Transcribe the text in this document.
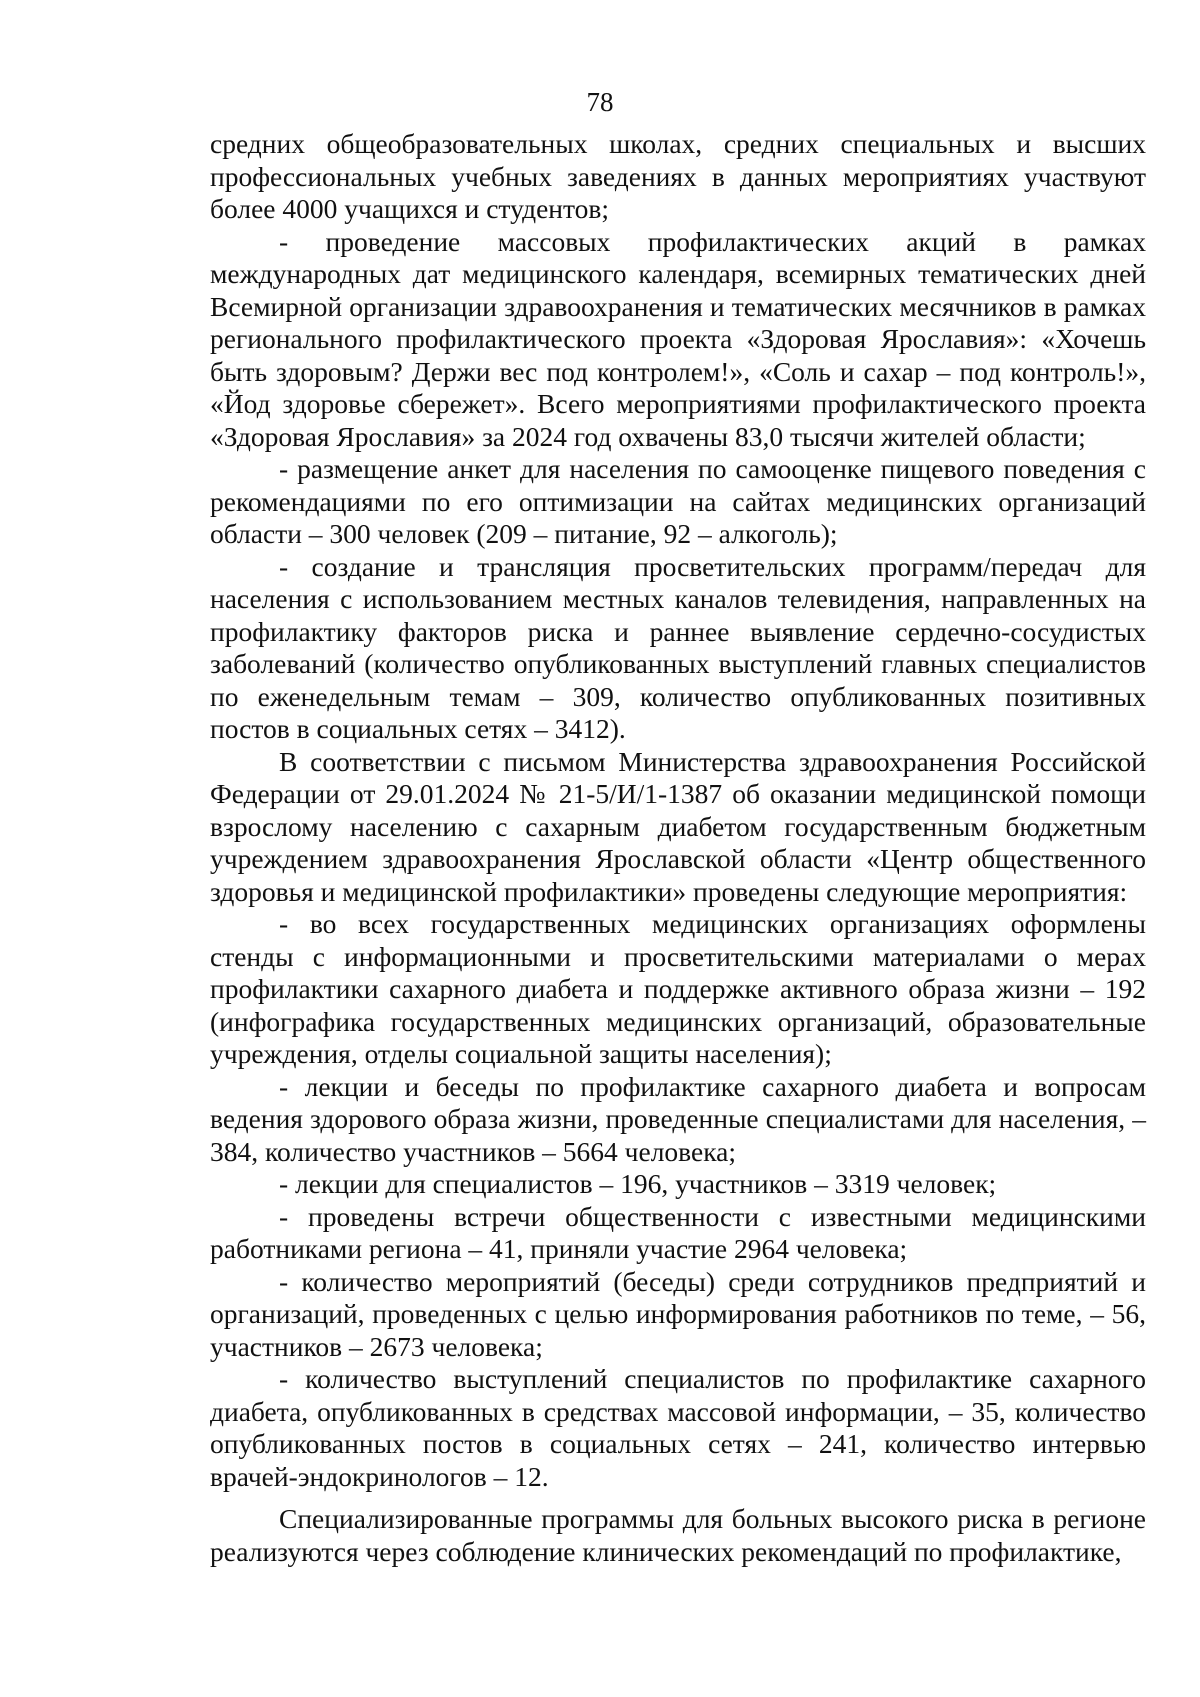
78

средних общеобразовательных школах, средних специальных и высших профессиональных учебных заведениях в данных мероприятиях участвуют более 4000 учащихся и студентов;

- проведение массовых профилактических акций в рамках международных дат медицинского календаря, всемирных тематических дней Всемирной организации здравоохранения и тематических месячников в рамках регионального профилактического проекта «Здоровая Ярославия»: «Хочешь быть здоровым? Держи вес под контролем!», «Соль и сахар – под контроль!», «Йод здоровье сбережет». Всего мероприятиями профилактического проекта «Здоровая Ярославия» за 2024 год охвачены 83,0 тысячи жителей области;

- размещение анкет для населения по самооценке пищевого поведения с рекомендациями по его оптимизации на сайтах медицинских организаций области – 300 человек (209 – питание, 92 – алкоголь);

- создание и трансляция просветительских программ/передач для населения с использованием местных каналов телевидения, направленных на профилактику факторов риска и раннее выявление сердечно-сосудистых заболеваний (количество опубликованных выступлений главных специалистов по еженедельным темам – 309, количество опубликованных позитивных постов в социальных сетях – 3412).

В соответствии с письмом Министерства здравоохранения Российской Федерации от 29.01.2024 № 21-5/И/1-1387 об оказании медицинской помощи взрослому населению с сахарным диабетом государственным бюджетным учреждением здравоохранения Ярославской области «Центр общественного здоровья и медицинской профилактики» проведены следующие мероприятия:

- во всех государственных медицинских организациях оформлены стенды с информационными и просветительскими материалами о мерах профилактики сахарного диабета и поддержке активного образа жизни – 192 (инфографика государственных медицинских организаций, образовательные учреждения, отделы социальной защиты населения);

- лекции и беседы по профилактике сахарного диабета и вопросам ведения здорового образа жизни, проведенные специалистами для населения, – 384, количество участников – 5664 человека;

- лекции для специалистов – 196, участников – 3319 человек;

- проведены встречи общественности с известными медицинскими работниками региона – 41, приняли участие 2964 человека;

- количество мероприятий (беседы) среди сотрудников предприятий и организаций, проведенных с целью информирования работников по теме, – 56, участников – 2673 человека;

- количество выступлений специалистов по профилактике сахарного диабета, опубликованных в средствах массовой информации, – 35, количество опубликованных постов в социальных сетях – 241, количество интервью врачей-эндокринологов – 12.

Специализированные программы для больных высокого риска в регионе реализуются через соблюдение клинических рекомендаций по профилактике,
